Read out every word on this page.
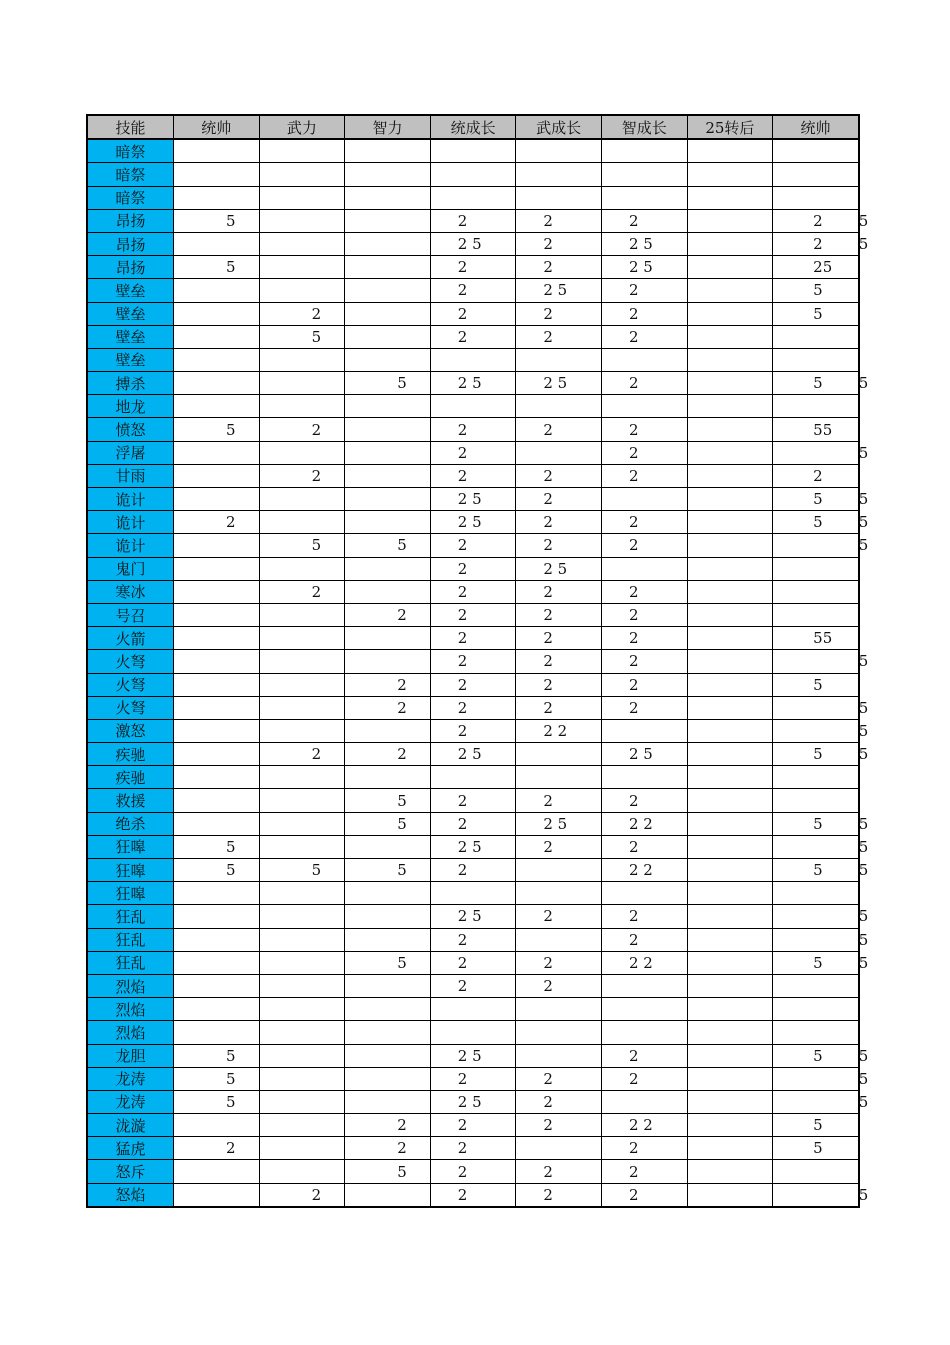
技能	统帅	武力	智力	统成长	武成长	智成长	25转后	统帅
暗祭	

暗祭	

暗祭	

昂扬	5			2	2	2		2 5

昂扬				2 5	2	2 5		2 5

昂扬	5			2	2	2 5		25

壁垒				2	2 5	2		5

壁垒		2		2	2	2		5

壁垒		5		2	2	2		

壁垒	

搏杀			5	2 5	2 5	2		5 5

地龙	

愤怒	5	2		2	2	2		55

浮屠				2		2		5

甘雨		2		2	2	2		2

诡计				2 5	2			5 5

诡计	2			2 5	2	2		5 5

诡计		5	5	2	2	2		5

鬼门				2	2 5			

寒冰		2		2	2	2		

号召			2	2	2	2		

火箭				2	2	2		55

火弩				2	2	2		5

火弩			2	2	2	2		5

火弩			2	2	2	2		5

激怒				2	2 2			5

疾驰		2	2	2 5		2 5		5 5

疾驰	

救援			5	2	2	2		

绝杀			5	2	2 5	2 2		5 5

狂嗥	5			2 5	2	2		5

狂嗥	5	5	5	2		2 2		5 5

狂嗥	

狂乱				2 5	2	2		5

狂乱				2		2		5

狂乱			5	2	2	2 2		5 5

烈焰				2	2			

烈焰	

烈焰	

龙胆	5			2 5		2		5 5

龙涛	5			2	2	2		5

龙涛	5			2 5	2			5

泷漩			2	2	2	2 2		5

猛虎	2		2	2		2		5

怒斥			5	2	2	2		

怒焰		2		2	2	2		5
